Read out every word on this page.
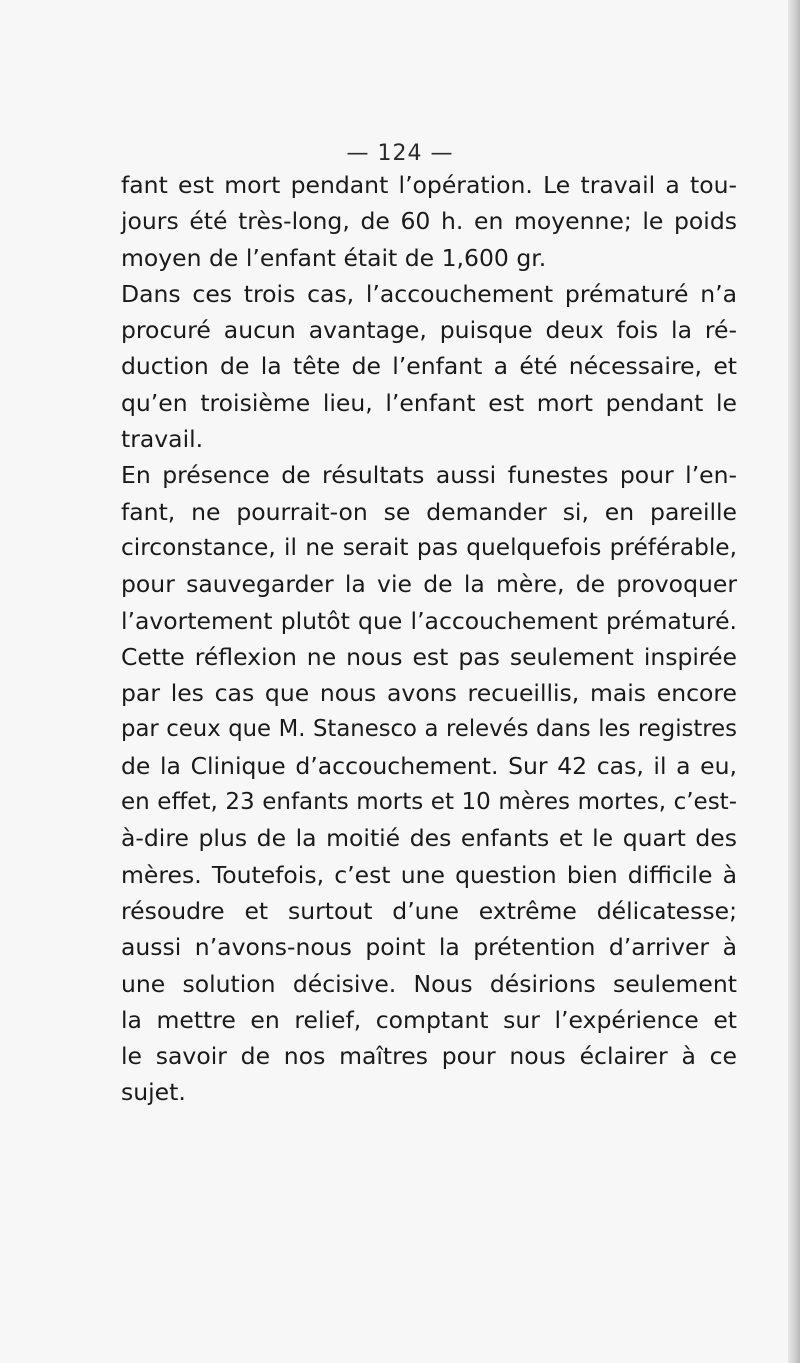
— 124 —
fant est mort pendant l’opération. Le travail a tou-
jours été très-long, de 60 h. en moyenne; le poids
moyen de l’enfant était de 1,600 gr.
Dans ces trois cas, l’accouchement prématuré n’a
procuré aucun avantage, puisque deux fois la ré-
duction de la tête de l’enfant a été nécessaire, et
qu’en troisième lieu, l’enfant est mort pendant le
travail.
En présence de résultats aussi funestes pour l’en-
fant, ne pourrait-on se demander si, en pareille
circonstance, il ne serait pas quelquefois préférable,
pour sauvegarder la vie de la mère, de provoquer
l’avortement plutôt que l’accouchement prématuré.
Cette réflexion ne nous est pas seulement inspirée
par les cas que nous avons recueillis, mais encore
par ceux que M. Stanesco a relevés dans les registres
de la Clinique d’accouchement. Sur 42 cas, il a eu,
en effet, 23 enfants morts et 10 mères mortes, c’est-
à-dire plus de la moitié des enfants et le quart des
mères. Toutefois, c’est une question bien difficile à
résoudre et surtout d’une extrême délicatesse;
aussi n’avons-nous point la prétention d’arriver à
une solution décisive. Nous désirions seulement
la mettre en relief, comptant sur l’expérience et
le savoir de nos maîtres pour nous éclairer à ce
sujet.
